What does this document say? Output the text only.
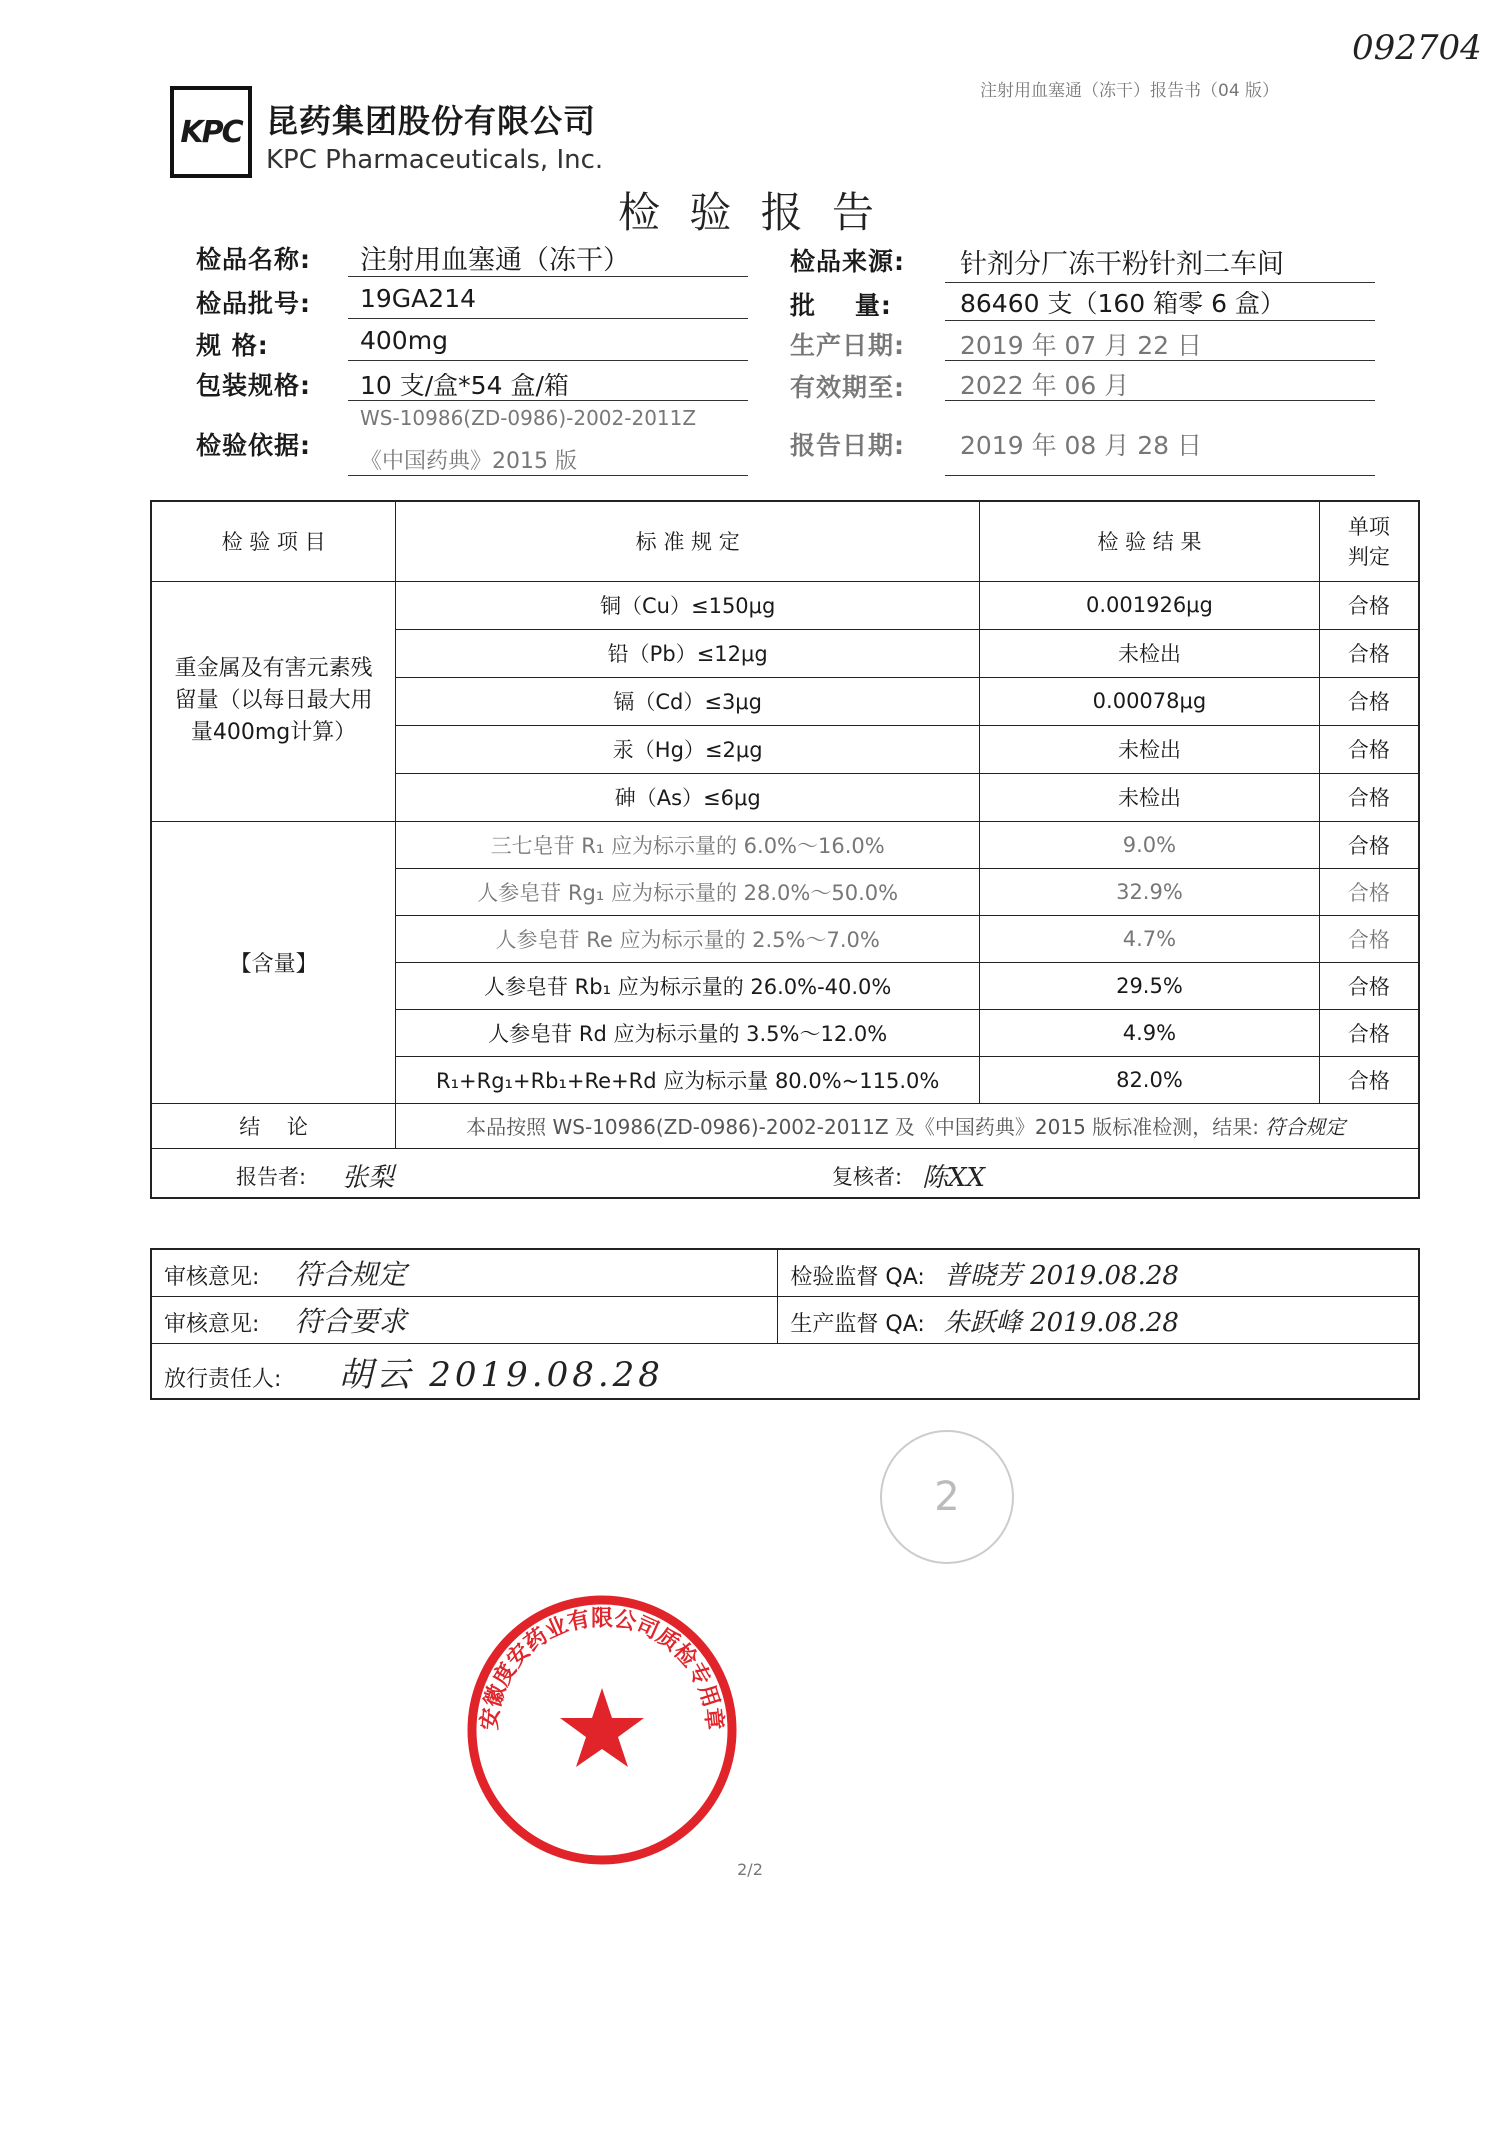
092704
注射用血塞通（冻干）报告书（04 版）
KPC 昆药集团股份有限公司
KPC Pharmaceuticals, Inc.
检 验 报 告
检品名称: 注射用血塞通（冻干）
检品批号: 19GA214
规 格:	400mg
包装规格: 10 支/盒*54 盒/箱
检验依据:
WS-10986(ZD-0986)-2002-2011Z
《中国药典》2015 版
检品来源: 针剂分厂冻干粉针剂二车间
批    量:	86460 支（160 箱零 6 盒）
生产日期: 2019 年 07 月 22 日
有效期至: 2022 年 06 月
报告日期: 2019 年 08 月 28 日
检 验 项 目	标 准 规 定	检 验 结 果	单项
判定
重金属及有害元素残留量（以每日最大用量400mg计算）	铜（Cu）≤150μg	0.001926μg	合格
	铅（Pb）≤12μg	未检出	合格
	镉（Cd）≤3μg	0.00078μg	合格
	汞（Hg）≤2μg	未检出	合格
	砷（As）≤6μg	未检出	合格
【含量】	三七皂苷 R₁ 应为标示量的 6.0%～16.0%	9.0%	合格
	人参皂苷 Rg₁ 应为标示量的 28.0%～50.0%	32.9%	合格
	人参皂苷 Re 应为标示量的 2.5%～7.0%	4.7%	合格
	人参皂苷 Rb₁ 应为标示量的 26.0%-40.0%	29.5%	合格
	人参皂苷 Rd 应为标示量的 3.5%～12.0%	4.9%	合格
	R₁+Rg₁+Rb₁+Re+Rd 应为标示量 80.0%~115.0%	82.0%	合格
结    论	本品按照 WS-10986(ZD-0986)-2002-2011Z 及《中国药典》2015 版标准检测，结果: 符合规定		

报告者: 张梨 复核者: 陈XX			
审核意见: 符合规定	检验监督 QA: 普晓芳 2019.08.28
审核意见: 符合要求	生产监督 QA: 朱跃峰 2019.08.28
放行责任人: 胡云 2019.08.28	
2
安徽度安药业有限公司质检专用章
2/2
